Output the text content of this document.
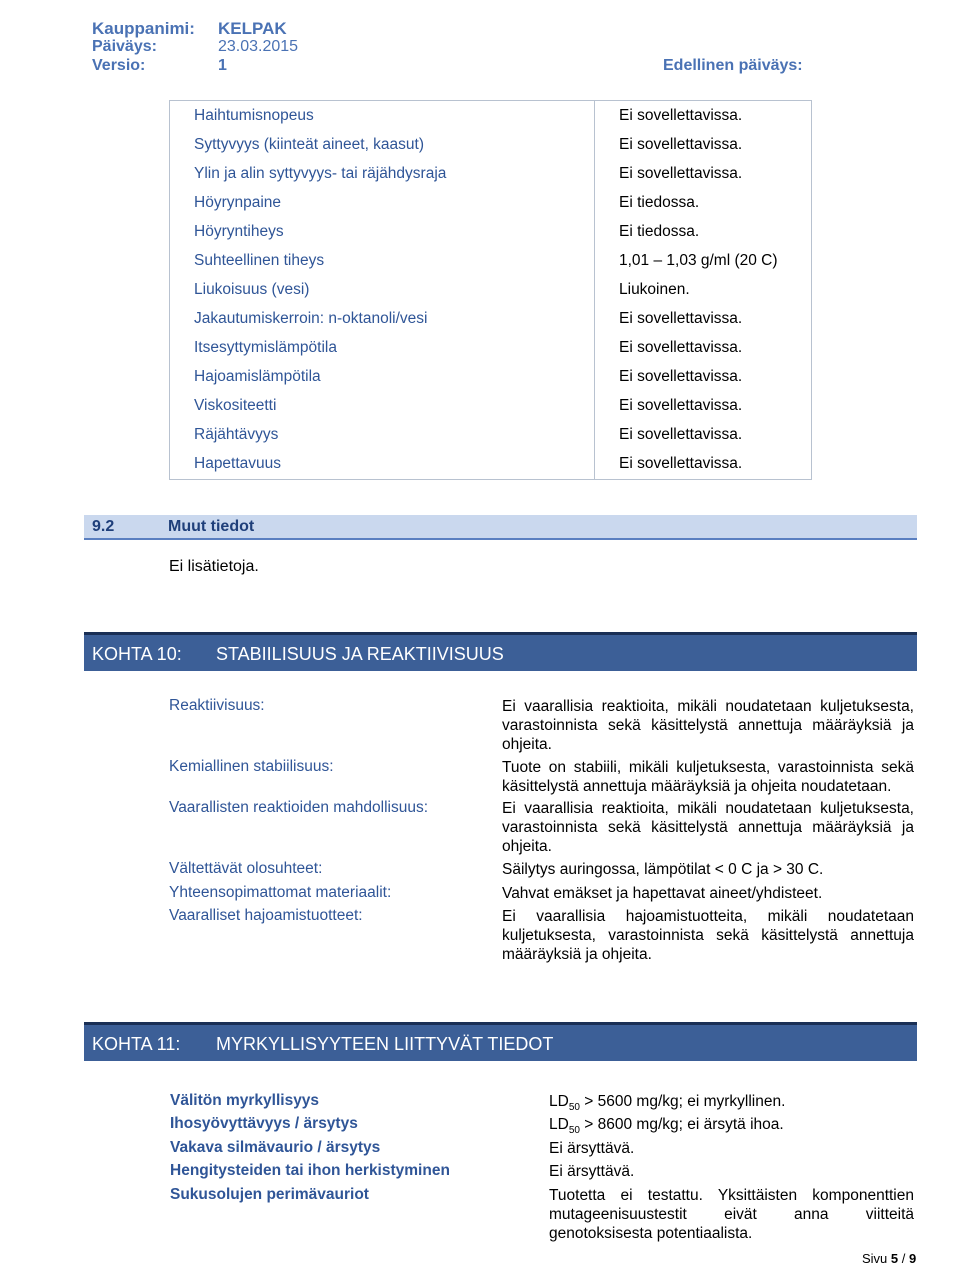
Kauppanimi: KELPAK
Päiväys:	23.03.2015
Versio:	1	Edellinen päiväys:
Haihtumisnopeus	Ei sovellettavissa.
Syttyvyys (kiinteät aineet, kaasut)	Ei sovellettavissa.
Ylin ja alin syttyvyys- tai räjähdysraja	Ei sovellettavissa.
Höyrynpaine	Ei tiedossa.
Höyryntiheys	Ei tiedossa.
Suhteellinen tiheys	1,01 – 1,03 g/ml (20 C)
Liukoisuus (vesi)	Liukoinen.
Jakautumiskerroin: n-oktanoli/vesi	Ei sovellettavissa.
Itsesyttymislämpötila	Ei sovellettavissa.
Hajoamislämpötila	Ei sovellettavissa.
Viskositeetti	Ei sovellettavissa.
Räjähtävyys	Ei sovellettavissa.
Hapettavuus	Ei sovellettavissa.
9.2	Muut tiedot
Ei lisätietoja.
KOHTA 10: STABIILISUUS JA REAKTIIVISUUS
Reaktiivisuus:	Ei vaarallisia reaktioita, mikäli noudatetaan kuljetuksesta, varastoinnista sekä käsittelystä annettuja määräyksiä ja ohjeita.
Kemiallinen stabiilisuus:	Tuote on stabiili, mikäli kuljetuksesta, varastoinnista sekä käsittelystä annettuja määräyksiä ja ohjeita noudatetaan.
Vaarallisten reaktioiden mahdollisuus:	Ei vaarallisia reaktioita, mikäli noudatetaan kuljetuksesta, varastoinnista sekä käsittelystä annettuja määräyksiä ja ohjeita.
Vältettävät olosuhteet:	Säilytys auringossa, lämpötilat < 0 C ja > 30 C.
Yhteensopimattomat materiaalit:	Vahvat emäkset ja hapettavat aineet/yhdisteet.
Vaaralliset hajoamistuotteet:	Ei vaarallisia hajoamistuotteita, mikäli noudatetaan kuljetuksesta, varastoinnista sekä käsittelystä annettuja määräyksiä ja ohjeita.
KOHTA 11: MYRKYLLISYYTEEN LIITTYVÄT TIEDOT
Välitön myrkyllisyys	$LD_{50} > 5600$ mg/kg; ei myrkyllinen.
Ihosyövyttävyys / ärsytys	$LD_{50} > 8600$ mg/kg; ei ärsytä ihoa.
Vakava silmävaurio / ärsytys	Ei ärsyttävä.
Hengitysteiden tai ihon herkistyminen	Ei ärsyttävä.
Sukusolujen perimävauriot	Tuotetta ei testattu. Yksittäisten komponenttien mutageenisuustestit eivät anna viitteitä genotoksisesta potentiaalista.
Sivu 5 / 9
